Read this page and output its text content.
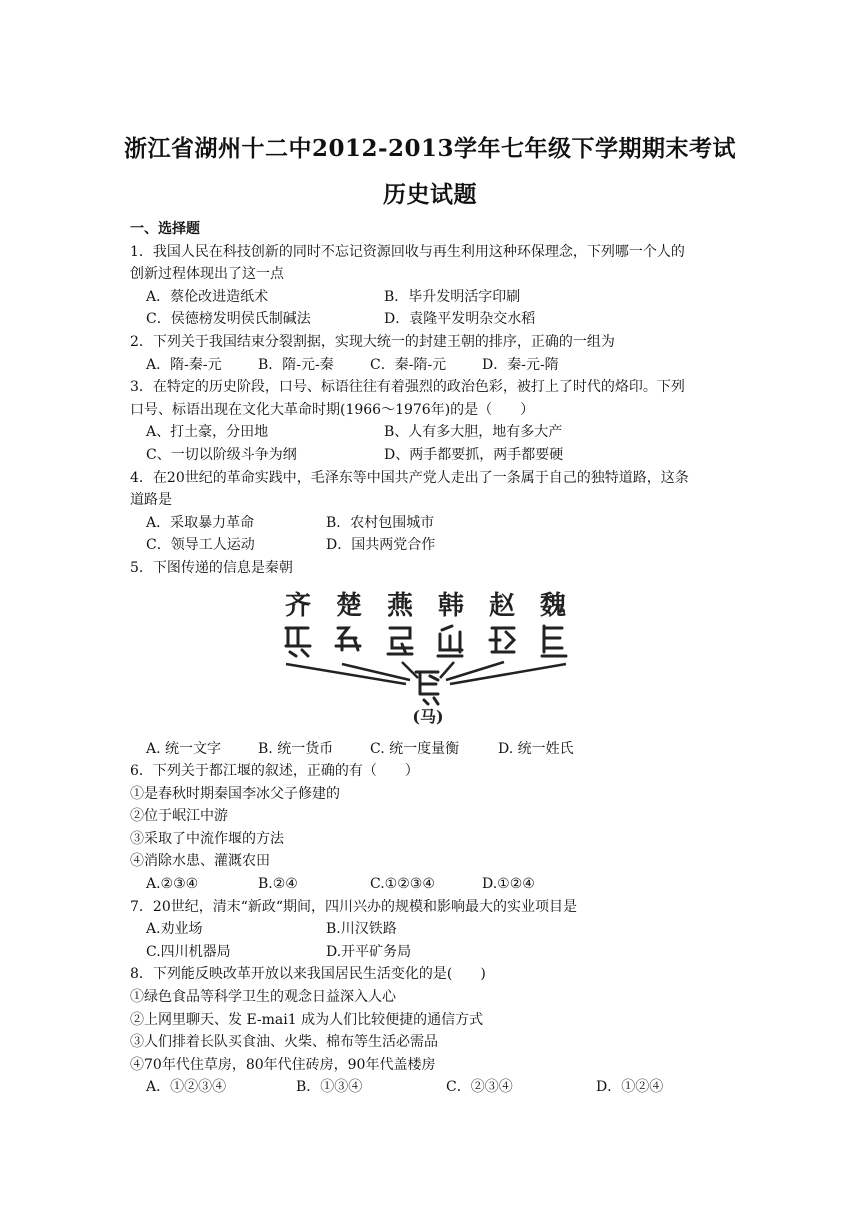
浙江省湖州十二中2012-2013学年七年级下学期期末考试
历史试题
一、选择题
1．我国人民在科技创新的同时不忘记资源回收与再生利用这种环保理念，下列哪一个人的
创新过程体现出了这一点
A．蔡伦改进造纸术	B．毕升发明活字印刷
C．侯德榜发明侯氏制碱法	D．袁隆平发明杂交水稻
2．下列关于我国结束分裂割据，实现大统一的封建王朝的排序，正确的一组为
A．隋-秦-元	B．隋-元-秦	C．秦-隋-元	D．秦-元-隋
3．在特定的历史阶段，口号、标语往往有着强烈的政治色彩，被打上了时代的烙印。下列
口号、标语出现在文化大革命时期(1966～1976年)的是（　　）
A、打土豪，分田地	B、人有多大胆，地有多大产
C、一切以阶级斗争为纲	D、两手都要抓，两手都要硬
4．在20世纪的革命实践中，毛泽东等中国共产党人走出了一条属于自己的独特道路，这条
道路是
A．采取暴力革命	B．农村包围城市
C．领导工人运动	D．国共两党合作
5．下图传递的信息是秦朝
齐 楚 燕 韩 赵 魏
(马)
A. 统一文字	B. 统一货币	C. 统一度量衡	D. 统一姓氏
6．下列关于都江堰的叙述，正确的有（　　）
①是春秋时期秦国李冰父子修建的
②位于岷江中游
③采取了中流作堰的方法
④消除水患、灌溉农田
A.②③④	B.②④	C.①②③④	D.①②④
7．20世纪，清末“新政“期间，四川兴办的规模和影响最大的实业项目是
A.劝业场	B.川汉铁路
C.四川机器局	D.开平矿务局
8．下列能反映改革开放以来我国居民生活变化的是(　　)
①绿色食品等科学卫生的观念日益深入人心
②上网里聊天、发 E-mai1 成为人们比较便捷的通信方式
③人们排着长队买食油、火柴、棉布等生活必需品
④70年代住草房，80年代住砖房，90年代盖楼房
A．①②③④	B．①③④	C．②③④	D．①②④
